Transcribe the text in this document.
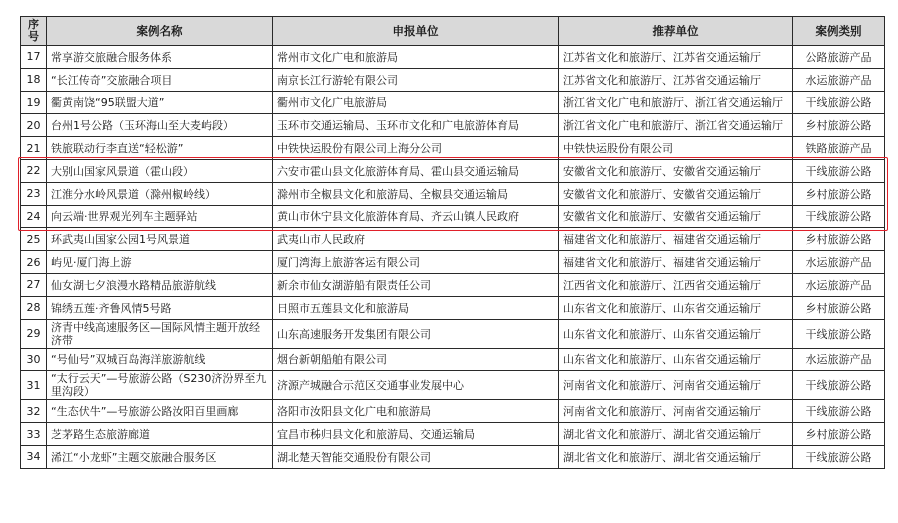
序
号	案例名称	申报单位	推荐单位	案例类别
17	常享游交旅融合服务体系	常州市文化广电和旅游局	江苏省文化和旅游厅、江苏省交通运输厅	公路旅游产品
18	“长江传奇”交旅融合项目	南京长江行游轮有限公司	江苏省文化和旅游厅、江苏省交通运输厅	水运旅游产品
19	衢黄南饶“95联盟大道”	衢州市文化广电旅游局	浙江省文化广电和旅游厅、浙江省交通运输厅	干线旅游公路
20	台州1号公路（玉环海山至大麦屿段）	玉环市交通运输局、玉环市文化和广电旅游体育局	浙江省文化广电和旅游厅、浙江省交通运输厅	乡村旅游公路
21	铁旅联动行李直送“轻松游”	中铁快运股份有限公司上海分公司	中铁快运股份有限公司	铁路旅游产品
22	大别山国家风景道（霍山段）	六安市霍山县文化旅游体育局、霍山县交通运输局	安徽省文化和旅游厅、安徽省交通运输厅	干线旅游公路
23	江淮分水岭风景道（滁州椒岭线）	滁州市全椒县文化和旅游局、全椒县交通运输局	安徽省文化和旅游厅、安徽省交通运输厅	乡村旅游公路
24	向云端·世界观光列车主题驿站	黄山市休宁县文化旅游体育局、齐云山镇人民政府	安徽省文化和旅游厅、安徽省交通运输厅	干线旅游公路
25	环武夷山国家公园1号风景道	武夷山市人民政府	福建省文化和旅游厅、福建省交通运输厅	乡村旅游公路
26	屿见·厦门海上游	厦门湾海上旅游客运有限公司	福建省文化和旅游厅、福建省交通运输厅	水运旅游产品
27	仙女湖七夕浪漫水路精品旅游航线	新余市仙女湖游船有限责任公司	江西省文化和旅游厅、江西省交通运输厅	水运旅游产品
28	锦绣五莲·齐鲁风情5号路	日照市五莲县文化和旅游局	山东省文化和旅游厅、山东省交通运输厅	乡村旅游公路
29	济青中线高速服务区—国际风情主题开放经济带	山东高速服务开发集团有限公司	山东省文化和旅游厅、山东省交通运输厅	干线旅游公路
30	“号仙号”双城百岛海洋旅游航线	烟台新朝船舶有限公司	山东省文化和旅游厅、山东省交通运输厅	水运旅游产品
31	“太行云天”—号旅游公路（S230济汾界至九里沟段）	济源产城融合示范区交通事业发展中心	河南省文化和旅游厅、河南省交通运输厅	干线旅游公路
32	“生态伏牛”—号旅游公路汝阳百里画廊	洛阳市汝阳县文化广电和旅游局	河南省文化和旅游厅、河南省交通运输厅	干线旅游公路
33	芝茅路生态旅游廊道	宜昌市秭归县文化和旅游局、交通运输局	湖北省文化和旅游厅、湖北省交通运输厅	乡村旅游公路
34	浠江“小龙虾”主题交旅融合服务区	湖北楚天智能交通股份有限公司	湖北省文化和旅游厅、湖北省交通运输厅	干线旅游公路
